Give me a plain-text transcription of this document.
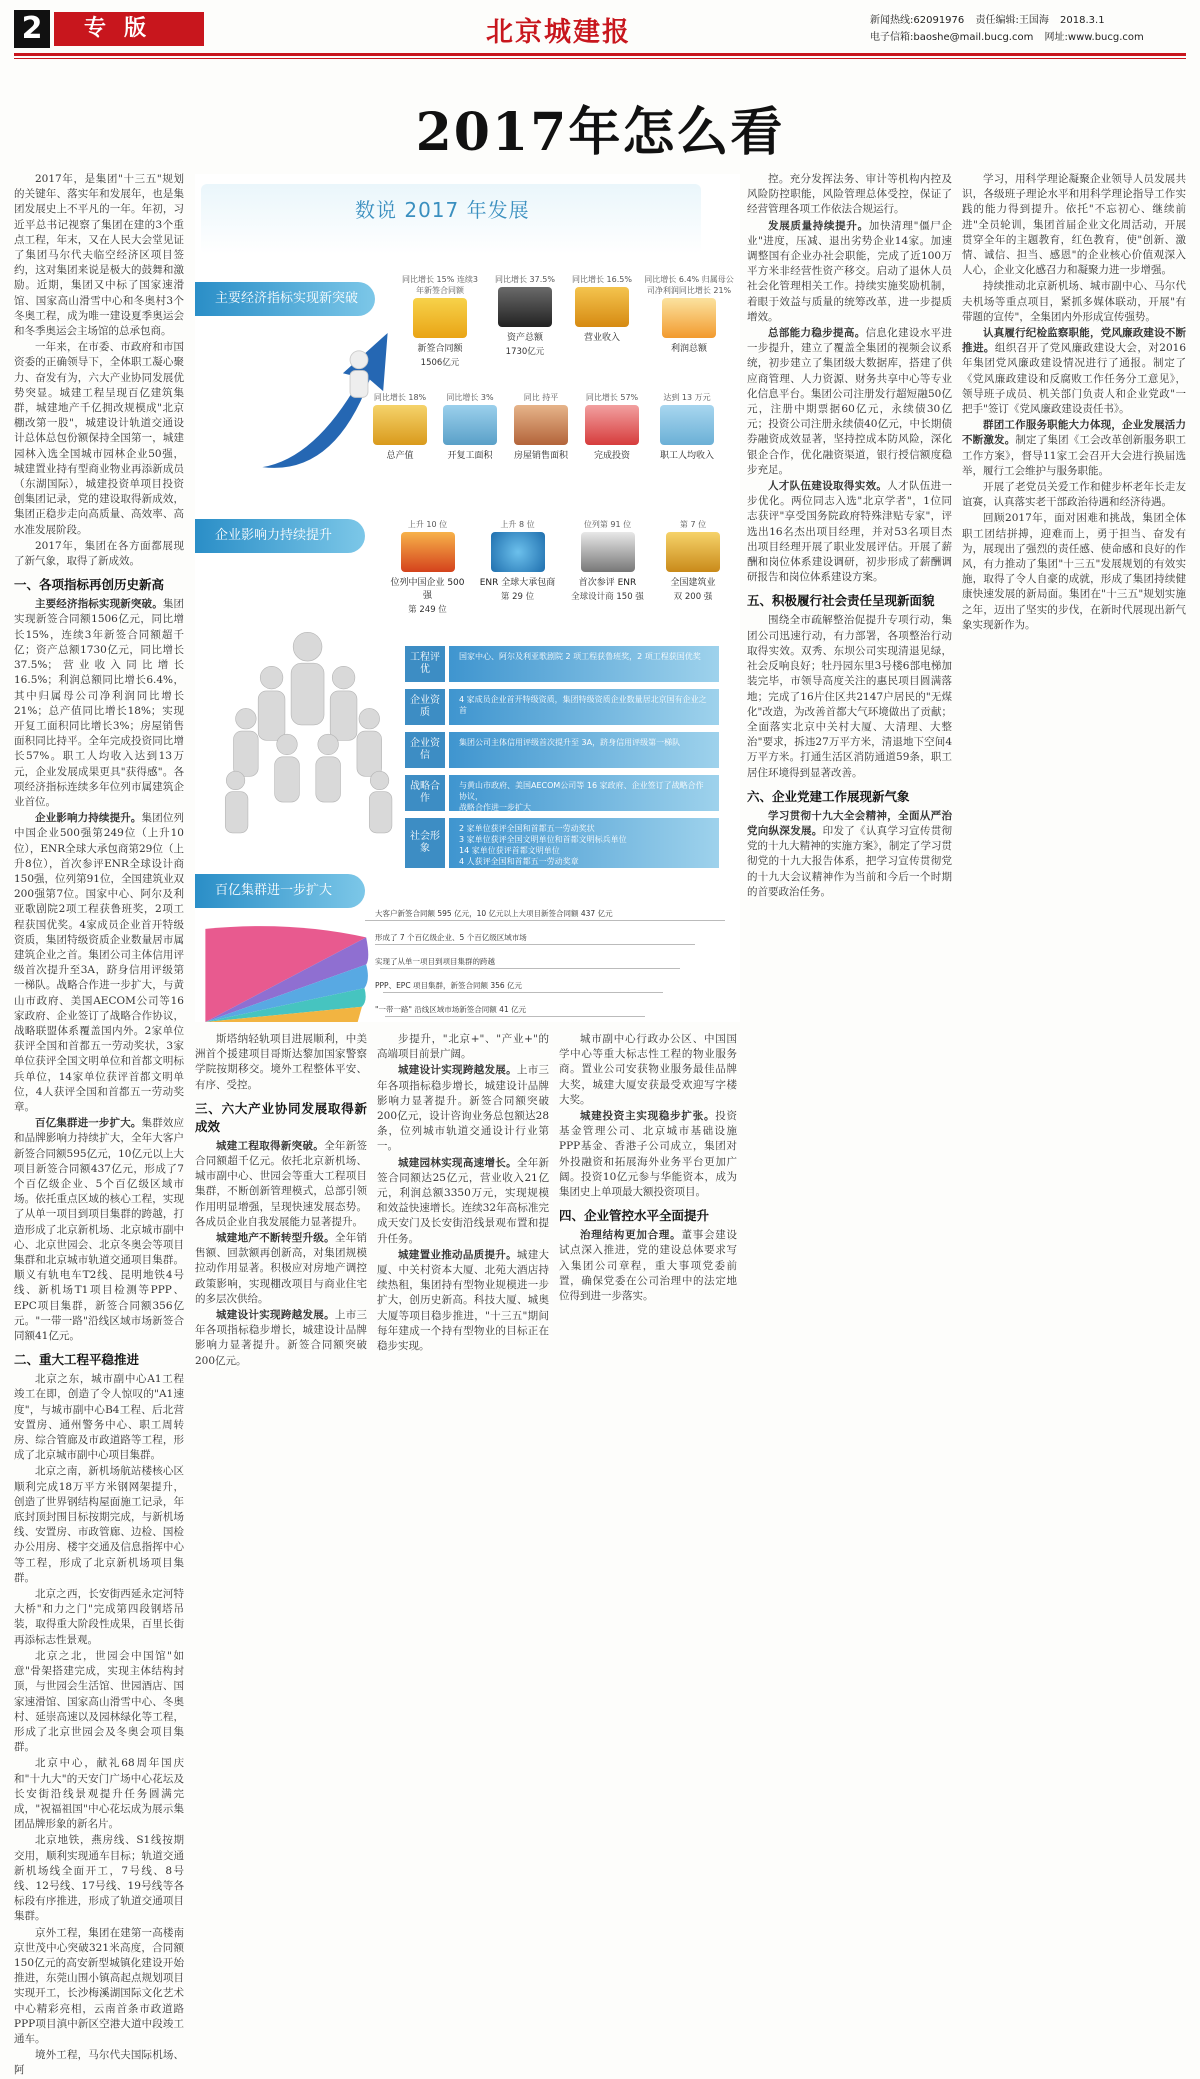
2	专版	北京城建报	新闻热线:62091976 责任编辑:王国海 2018.3.1
电子信箱:baoshe@mail.bucg.com 网址:www.bucg.com
2017年怎么看

2017年，是集团"十三五"规划的关键年、落实年和发展年，也是集团发展史上不平凡的一年。年初，习近平总书记视察了集团在建的3个重点工程，年末，又在人民大会堂见证了集团马尔代夫临空经济区项目签约，这对集团来说是极大的鼓舞和激励。近期，集团又中标了国家速滑馆、国家高山滑雪中心和冬奥村3个冬奥工程，成为唯一建设夏季奥运会和冬季奥运会主场馆的总承包商。

一年来，在市委、市政府和市国资委的正确领导下，全体职工凝心聚力、奋发有为，六大产业协同发展优势突显。城建工程呈现百亿建筑集群，城建地产千亿拥改规模成"北京棚改第一股"，城建设计轨道交通设计总体总包份额保持全国第一，城建园林入选全国城市园林企业50强，城建置业持有型商业物业再添新成员（东湖国际），城建投资单项目投资创集团记录，党的建设取得新成效，集团正稳步走向高质量、高效率、高水准发展阶段。

2017年，集团在各方面都展现了新气象，取得了新成效。

一、各项指标再创历史新高

主要经济指标实现新突破。集团实现新签合同额1506亿元，同比增长15%，连续3年新签合同额超千亿；资产总额1730亿元，同比增长37.5%；营业收入同比增长16.5%；利润总额同比增长6.4%，其中归属母公司净利润同比增长21%；总产值同比增长18%；实现开复工面积同比增长3%；房屋销售面积同比持平。全年完成投资同比增长57%。职工人均收入达到13万元，企业发展成果更具"获得感"。各项经济指标连续多年位列市属建筑企业首位。

企业影响力持续提升。集团位列中国企业500强第249位（上升10位），ENR全球大承包商第29位（上升8位），首次参评ENR全球设计商150强，位列第91位，全国建筑业双200强第7位。国家中心、阿尔及利亚歌剧院2项工程获鲁班奖，2项工程获国优奖。4家成员企业首开特级资质，集团特级资质企业数量居市属建筑企业之首。集团公司主体信用评级首次提升至3A，跻身信用评级第一梯队。战略合作进一步扩大，与黄山市政府、美国AECOM公司等16家政府、企业签订了战略合作协议，战略联盟体系覆盖国内外。2家单位获评全国和首都五一劳动奖状，3家单位获评全国文明单位和首都文明标兵单位，14家单位获评首都文明单位，4人获评全国和首都五一劳动奖章。

百亿集群进一步扩大。集群效应和品牌影响力持续扩大，全年大客户新签合同额595亿元，10亿元以上大项目新签合同额437亿元，形成了7个百亿级企业、5个百亿级区域市场。依托重点区域的核心工程，实现了从单一项目到项目集群的跨越，打造形成了北京新机场、北京城市副中心、北京世园会、北京冬奥会等项目集群和北京城市轨道交通项目集群。顺义有轨电车T2线、昆明地铁4号线、新机场T1项目检测等PPP、EPC项目集群，新签合同额356亿元。"一带一路"沿线区域市场新签合同额41亿元。

二、重大工程平稳推进

北京之东，城市副中心A1工程竣工在即，创造了令人惊叹的"A1速度"，与城市副中心B4工程、后北营安置房、通州警务中心、职工周转房、综合管廊及市政道路等工程，形成了北京城市副中心项目集群。

北京之南，新机场航站楼核心区顺利完成18万平方米钢网架提升，创造了世界钢结构屋面施工记录，年底封顶封围目标按期完成，与新机场线、安置房、市政管廊、边检、国检办公用房、楼宇交通及信息指挥中心等工程，形成了北京新机场项目集群。

北京之西，长安街西延永定河特大桥"和力之门"完成第四段钢塔吊装，取得重大阶段性成果，百里长街再添标志性景观。

北京之北，世园会中国馆"如意"骨架搭建完成，实现主体结构封顶，与世园会生活馆、世园酒店、国家速滑馆、国家高山滑雪中心、冬奥村、延崇高速以及园林绿化等工程，形成了北京世园会及冬奥会项目集群。

北京中心，献礼68周年国庆和"十九大"的天安门广场中心花坛及长安街沿线景观提升任务圆满完成，"祝福祖国"中心花坛成为展示集团品牌形象的新名片。

北京地铁，燕房线、S1线按期交用，顺利实现通车目标；轨道交通新机场线全面开工，7号线、8号线、12号线、17号线、19号线等各标段有序推进，形成了轨道交通项目集群。

京外工程，集团在建第一高楼南京世茂中心突破321米高度，合同额150亿元的高安新型城镇化建设开始推进，东莞山围小镇高起点规划项目实现开工，长沙梅溪湖国际文化艺术中心精彩亮相，云南首条市政道路PPP项目滇中新区空港大道中段竣工通车。

境外工程，马尔代夫国际机场、阿

数说 2017 年发展
主要经济指标实现新突破
同比增长 15% 连续3年新签合同额
新签合同额
1506亿元
同比增长 37.5%
资产总额
1730亿元
同比增长 16.5%
营业收入
同比增长 6.4% 归属母公司净利润同比增长 21%
利润总额
同比增长 18%
总产值
同比增长 3%
开复工面积
同比 持平
房屋销售面积
同比增长 57%
完成投资
达到 13 万元
职工人均收入
企业影响力持续提升
上升 10 位
位列中国企业 500 强
第 249 位
上升 8 位
ENR 全球大承包商
第 29 位
位列第 91 位
首次参评 ENR
全球设计商 150 强
第 7 位
全国建筑业
双 200 强
工程评优
国家中心、阿尔及利亚歌剧院 2 项工程获鲁班奖，2 项工程获国优奖
企业资质
4 家成员企业首开特级资质，集团特级资质企业数量居北京国有企业之首
企业资信
集团公司主体信用评级首次提升至 3A，跻身信用评级第一梯队
战略合作
与黄山市政府、美国AECOM公司等 16 家政府、企业签订了战略合作协议，
战略合作进一步扩大
社会形象
2 家单位获评全国和首都五一劳动奖状
3 家单位获评全国文明单位和首都文明标兵单位
14 家单位获评首都文明单位
4 人获评全国和首都五一劳动奖章
百亿集群进一步扩大
大客户新签合同额 595 亿元，10 亿元以上大项目新签合同额 437 亿元
形成了 7 个百亿级企业、5 个百亿级区域市场
实现了从单一项目到项目集群的跨越
PPP、EPC 项目集群，新签合同额 356 亿元
"一带一路" 沿线区域市场新签合同额 41 亿元

斯塔纳轻轨项目进展顺利，中美洲首个援建项目哥斯达黎加国家警察学院按期移交。境外工程整体平安、有序、受控。

三、六大产业协同发展取得新成效

城建工程取得新突破。全年新签合同额超千亿元。依托北京新机场、城市副中心、世园会等重大工程项目集群，不断创新管理模式，总部引领作用明显增强，呈现快速发展态势。各成员企业自我发展能力显著提升。

城建地产不断转型升级。全年销售额、回款额再创新高，对集团规模拉动作用显著。积极应对房地产调控政策影响，实现棚改项目与商业住宅的多层次供给。

城建设计实现跨越发展。上市三年各项指标稳步增长，城建设计品牌影响力显著提升。新签合同额突破200亿元。

步提升，"北京+"、"产业+"的高端项目前景广阔。

城建设计实现跨越发展。上市三年各项指标稳步增长，城建设计品牌影响力显著提升。新签合同额突破200亿元，设计咨询业务总包额达28条，位列城市轨道交通设计行业第一。

城建园林实现高速增长。全年新签合同额达25亿元，营业收入21亿元，利润总额3350万元，实现规模和效益快速增长。连续32年高标准完成天安门及长安街沿线景观布置和提升任务。

城建置业推动品质提升。城建大厦、中关村资本大厦、北苑大酒店持续热租，集团持有型物业规模进一步扩大，创历史新高。科技大厦、城奥大厦等项目稳步推进，"十三五"期间每年建成一个持有型物业的目标正在稳步实现。

城市副中心行政办公区、中国国学中心等重大标志性工程的物业服务商。置业公司安获物业服务最佳品牌大奖，城建大厦安获最受欢迎写字楼大奖。

城建投资主实现稳步扩张。投资基金管理公司、北京城市基础设施PPP基金、香港子公司成立，集团对外投融资和拓展海外业务平台更加广阔。投资10亿元参与华能资本，成为集团史上单项最大额投资项目。

四、企业管控水平全面提升

治理结构更加合理。董事会建设试点深入推进，党的建设总体要求写入集团公司章程，重大事项党委前置，确保党委在公司治理中的法定地位得到进一步落实。

控。充分发挥法务、审计等机构内控及风险防控职能，风险管理总体受控，保证了经营管理各项工作依法合规运行。

发展质量持续提升。加快清理"僵尸企业"进度，压减、退出劣势企业14家。加速调整国有企业办社会职能，完成了近100万平方米非经营性资产移交。启动了退休人员社会化管理相关工作。持续实施奖励机制，着眼于效益与质量的统筹改革，进一步提质增效。

总部能力稳步提高。信息化建设水平进一步提升，建立了覆盖全集团的视频会议系统，初步建立了集团级大数据库，搭建了供应商管理、人力资源、财务共享中心等专业化信息平台。集团公司注册发行超短融50亿元，注册中期票据60亿元，永续债30亿元；投资公司注册永续债40亿元，中长期债券融资成效显著，坚持控成本防风险，深化银企合作，优化融资渠道，银行授信额度稳步充足。

人才队伍建设取得实效。人才队伍进一步优化。两位同志入选"北京学者"，1位同志获评"享受国务院政府特殊津贴专家"，评选出16名杰出项目经理，并对53名项目杰出项目经理开展了职业发展评估。开展了薪酬和岗位体系建设调研，初步形成了薪酬调研报告和岗位体系建设方案。

五、积极履行社会责任呈现新面貌

围绕全市疏解整治促提升专项行动，集团公司迅速行动，有力部署，各项整治行动取得实效。双秀、东坝公司实现清退见绿，社会反响良好；牡丹园东里3号楼6部电梯加装完毕，市领导高度关注的惠民项目圆满落地；完成了16片住区共2147户居民的"无煤化"改造，为改善首都大气环境做出了贡献；全面落实北京中关村大厦、大清理、大整治"要求，拆违27万平方米，清退地下空间4万平方米。打通生活区消防通道59条，职工居住环境得到显著改善。

六、企业党建工作展现新气象

学习贯彻十九大全会精神，全面从严治党向纵深发展。印发了《认真学习宣传贯彻党的十九大精神的实施方案》，制定了学习贯彻党的十九大报告体系，把学习宣传贯彻党的十九大会议精神作为当前和今后一个时期的首要政治任务。

学习，用科学理论凝聚企业领导人员发展共识，各级班子理论水平和用科学理论指导工作实践的能力得到提升。依托"不忘初心、继续前进"全员轮训，集团首届企业文化周活动，开展贯穿全年的主题教育，红色教育，使"创新、激情、诚信、担当、感恩"的企业核心价值观深入人心，企业文化感召力和凝聚力进一步增强。

持续推动北京新机场、城市副中心、马尔代夫机场等重点项目，紧抓多媒体联动，开展"有带题的宣传"，全集团内外形成宣传强势。

认真履行纪检监察职能，党风廉政建设不断推进。组织召开了党风廉政建设大会，对2016年集团党风廉政建设情况进行了通报。制定了《党风廉政建设和反腐败工作任务分工意见》，领导班子成员、机关部门负责人和企业党政"一把手"签订《党风廉政建设责任书》。

群团工作服务职能大力体现，企业发展活力不断激发。制定了集团《工会改革创新服务职工工作方案》，督导11家工会召开大会进行换届选举，履行工会维护与服务职能。

开展了老党员关爱工作和健步杯老年长走友谊赛，认真落实老干部政治待遇和经济待遇。

回顾2017年，面对困难和挑战，集团全体职工团结拼搏，迎难而上，勇于担当、奋发有为，展现出了强烈的责任感、使命感和良好的作风，有力推动了集团"十三五"发展规划的有效实施，取得了令人自豪的成就，形成了集团持续健康快速发展的新局面。集团在"十三五"规划实施之年，迈出了坚实的步伐，在新时代展现出新气象实现新作为。
